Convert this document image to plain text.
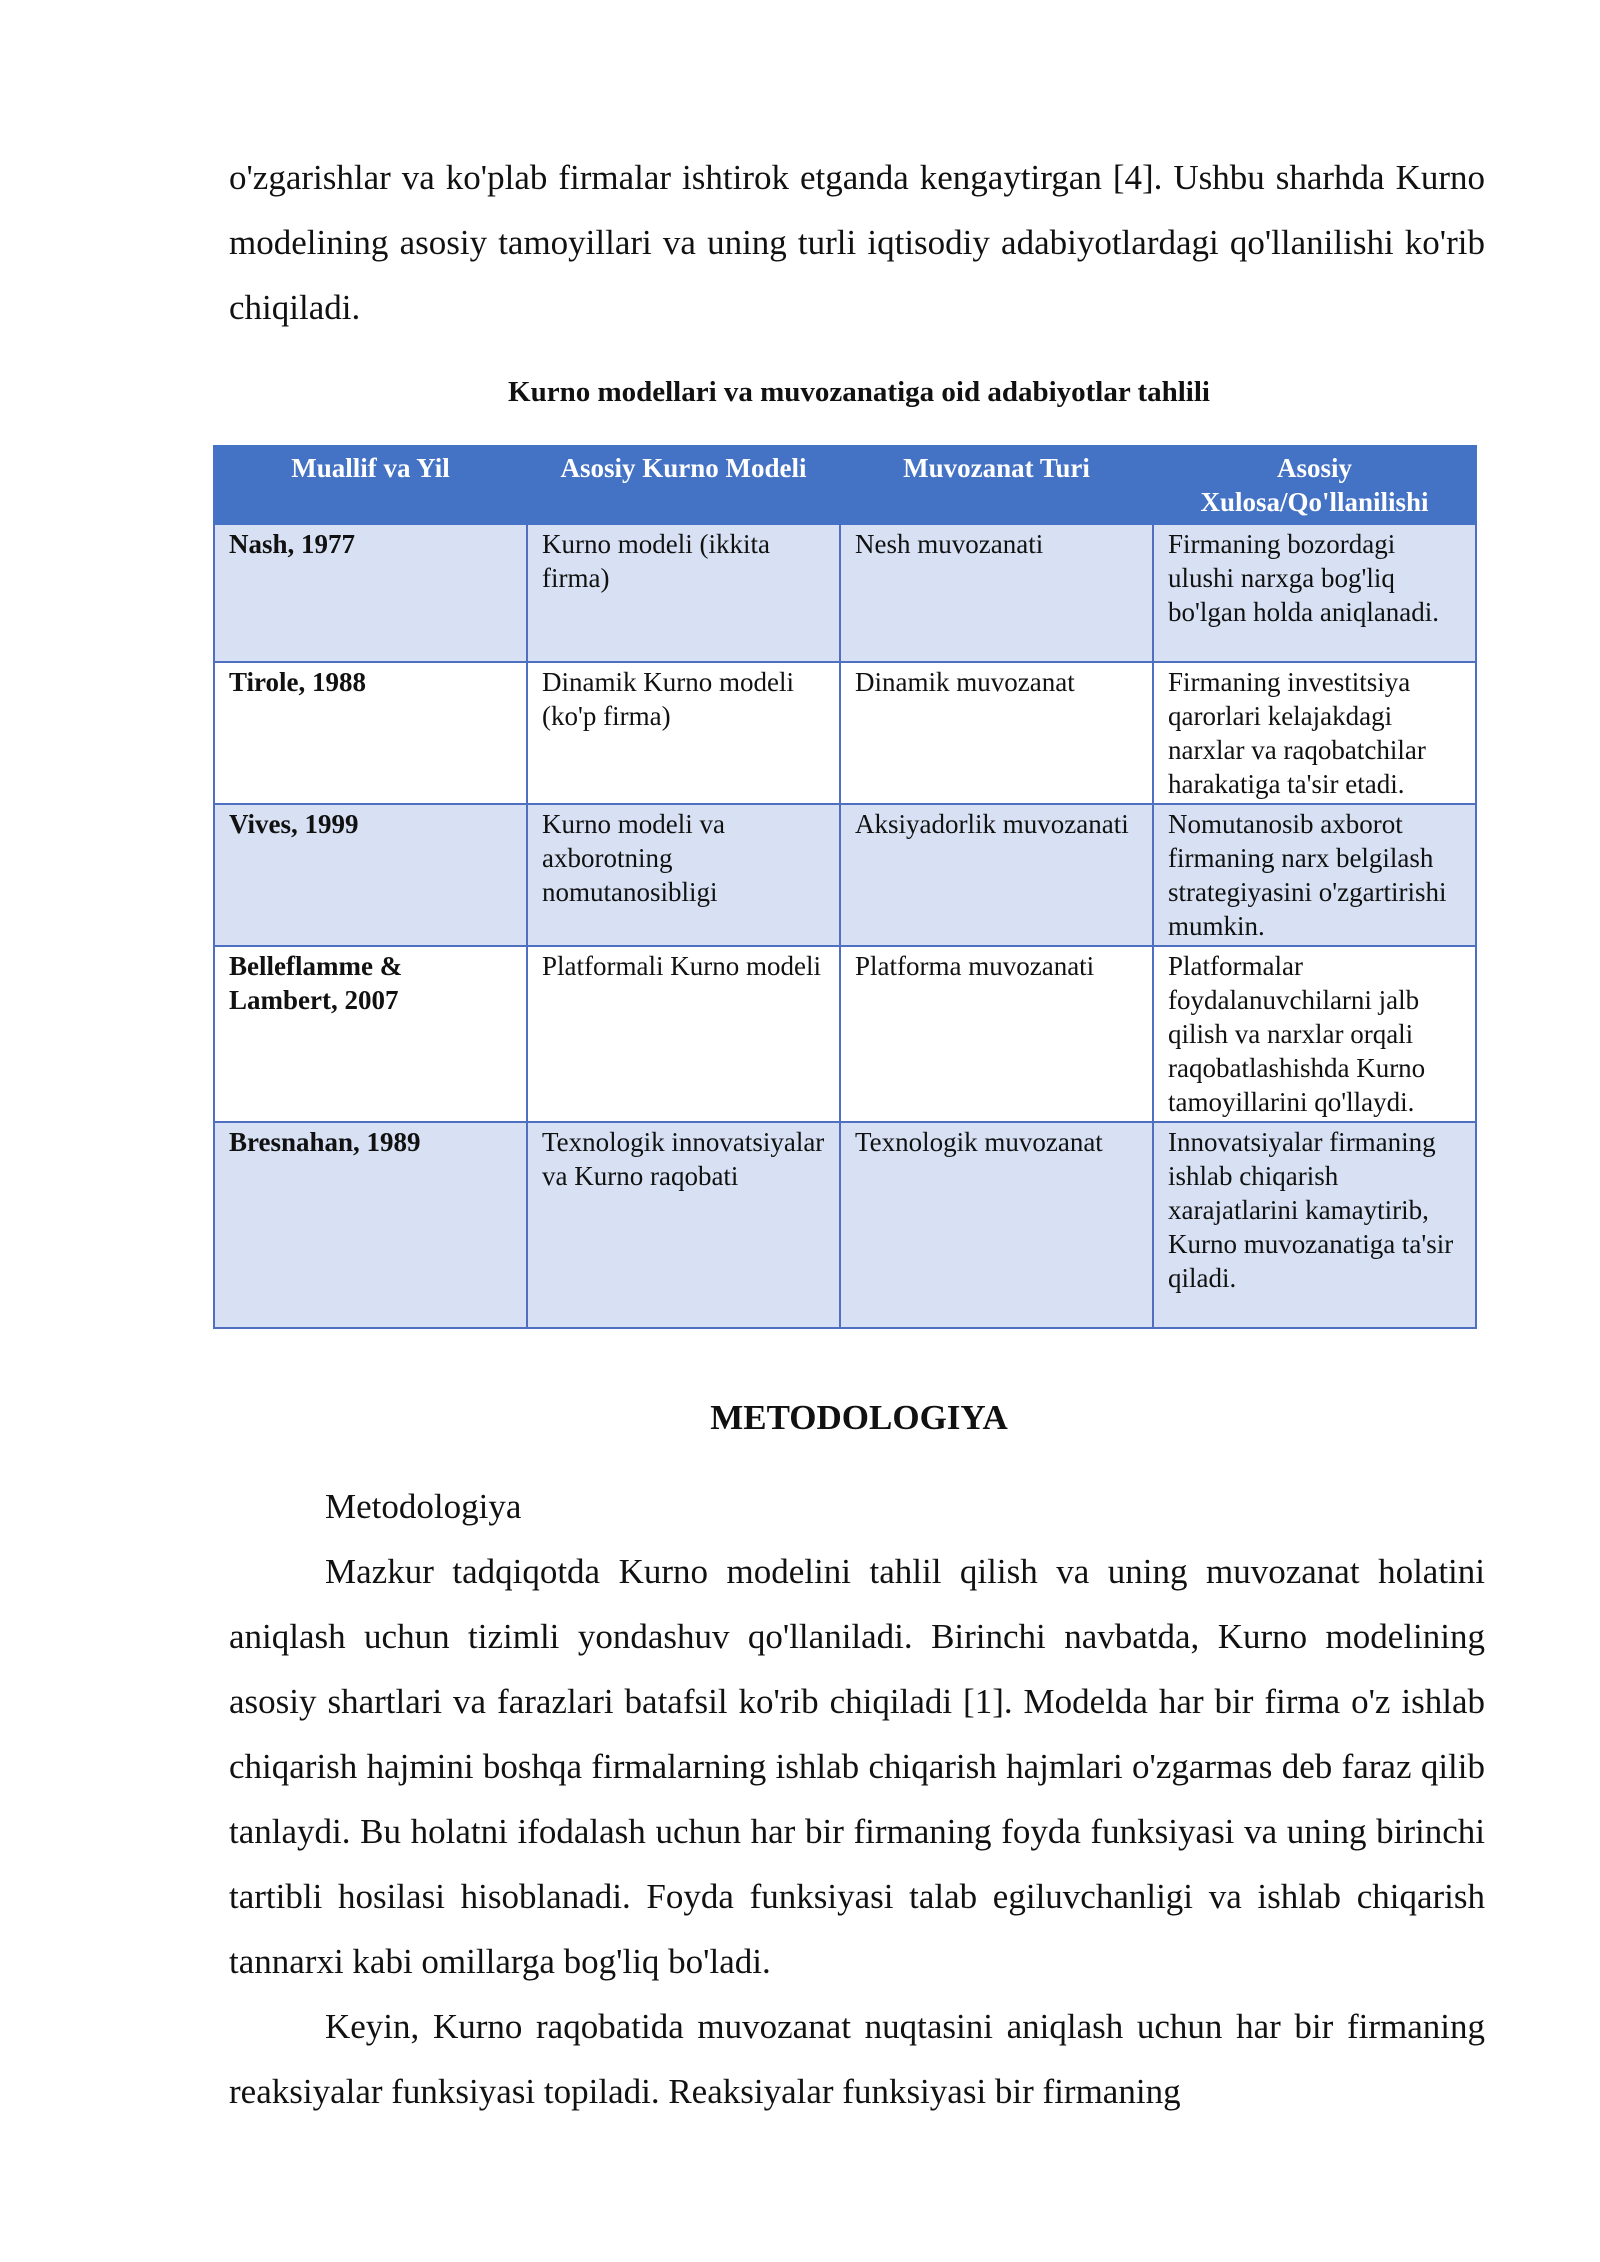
o'zgarishlar va ko'plab firmalar ishtirok etganda kengaytirgan [4]. Ushbu sharhda Kurno modelining asosiy tamoyillari va uning turli iqtisodiy adabiyotlardagi qo'llanilishi ko'rib chiqiladi.

Kurno modellari va muvozanatiga oid adabiyotlar tahlili

Muallif va Yil	Asosiy Kurno Modeli	Muvozanat Turi	Asosiy Xulosa/Qo'llanilishi
Nash, 1977	Kurno modeli (ikkita firma)	Nesh muvozanati	Firmaning bozordagi ulushi narxga bog'liq bo'lgan holda aniqlanadi.
Tirole, 1988	Dinamik Kurno modeli (ko'p firma)	Dinamik muvozanat	Firmaning investitsiya qarorlari kelajakdagi narxlar va raqobatchilar harakatiga ta'sir etadi.
Vives, 1999	Kurno modeli va axborotning nomutanosibligi	Aksiyadorlik muvozanati	Nomutanosib axborot firmaning narx belgilash strategiyasini o'zgartirishi mumkin.
Belleflamme & Lambert, 2007	Platformali Kurno modeli	Platforma muvozanati	Platformalar foydalanuvchilarni jalb qilish va narxlar orqali raqobatlashishda Kurno tamoyillarini qo'llaydi.
Bresnahan, 1989	Texnologik innovatsiyalar va Kurno raqobati	Texnologik muvozanat	Innovatsiyalar firmaning ishlab chiqarish xarajatlarini kamaytirib, Kurno muvozanatiga ta'sir qiladi.

METODOLOGIYA

Metodologiya

Mazkur tadqiqotda Kurno modelini tahlil qilish va uning muvozanat holatini aniqlash uchun tizimli yondashuv qo'llaniladi. Birinchi navbatda, Kurno modelining asosiy shartlari va farazlari batafsil ko'rib chiqiladi [1]. Modelda har bir firma o'z ishlab chiqarish hajmini boshqa firmalarning ishlab chiqarish hajmlari o'zgarmas deb faraz qilib tanlaydi. Bu holatni ifodalash uchun har bir firmaning foyda funksiyasi va uning birinchi tartibli hosilasi hisoblanadi. Foyda funksiyasi talab egiluvchanligi va ishlab chiqarish tannarxi kabi omillarga bog'liq bo'ladi.

Keyin, Kurno raqobatida muvozanat nuqtasini aniqlash uchun har bir firmaning reaksiyalar funksiyasi topiladi. Reaksiyalar funksiyasi bir firmaning
